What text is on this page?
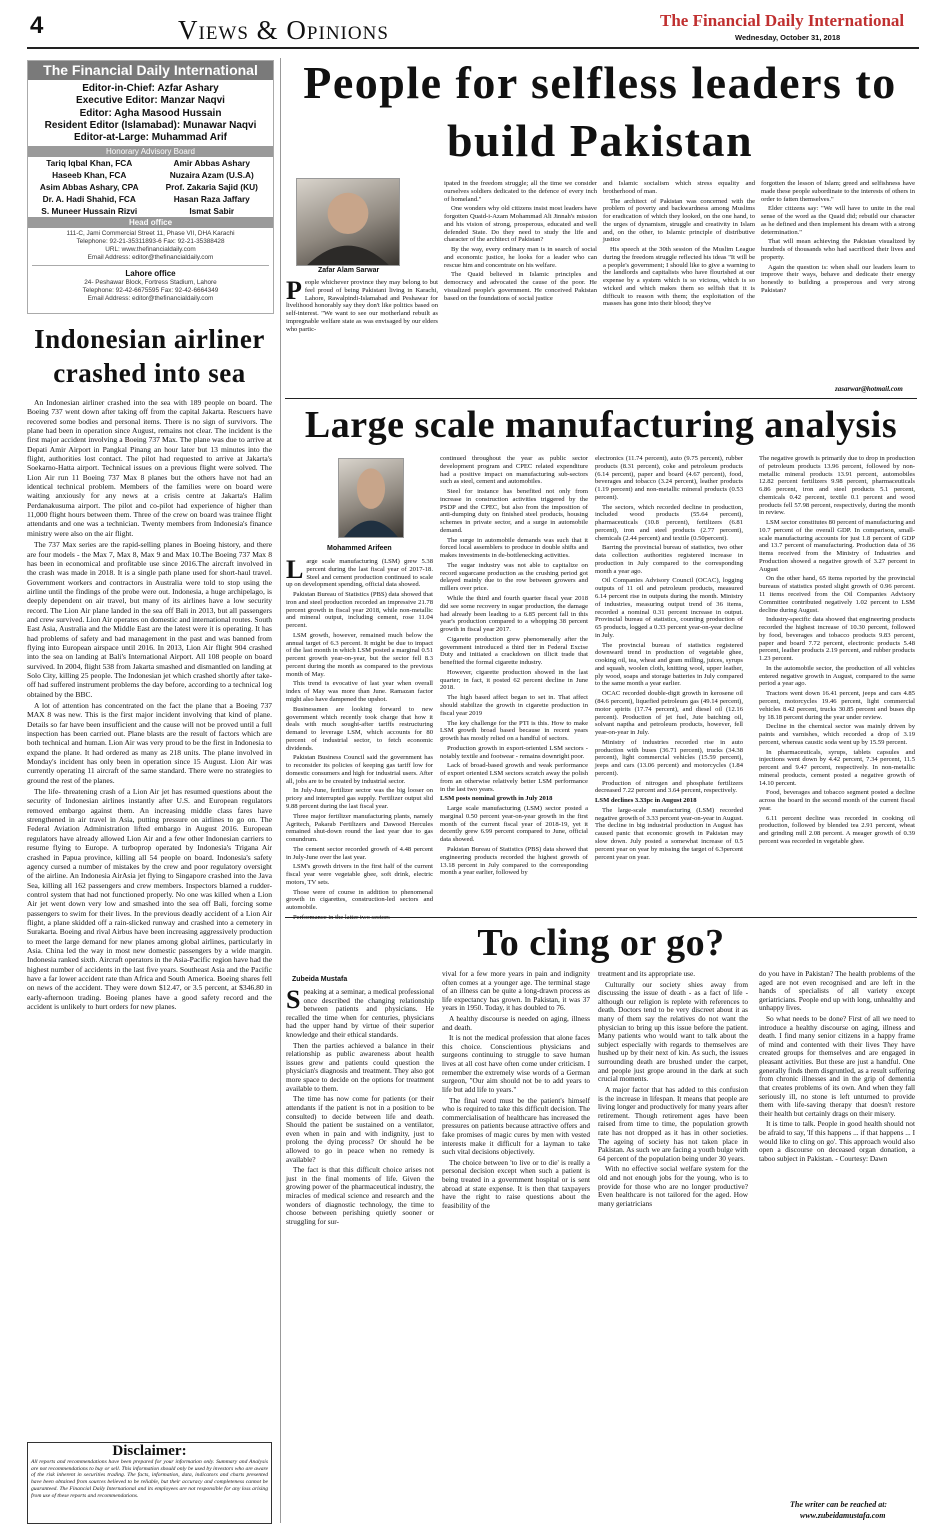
4	Views & Opinions	The Financial Daily International
Wednesday, October 31, 2018
The Financial Daily International
Editor-in-Chief: Azfar Ashary
Executive Editor: Manzar Naqvi
Editor: Agha Masood Hussain
Resident Editor (Islamabad): Munawar Naqvi
Editor-at-Large: Muhammad Arif
Honorary Advisory Board
Tariq Iqbal Khan, FCA
Haseeb Khan, FCA
Asim Abbas Ashary, CPA
Dr. A. Hadi Shahid, FCA
S. Muneer Hussain Rizvi
Amir Abbas Ashary
Nuzaira Azam (U.S.A)
Prof. Zakaria Sajid (KU)
Hasan Raza Jaffary
Ismat Sabir
Head office
111-C, Jami Commercial Street 11, Phase VII, DHA Karachi
Telephone: 92-21-35311893-6 Fax: 92-21-35388428
URL: www.thefinancialdaily.com
Email Address: editor@thefinancialdaily.com
Lahore office
24- Peshawar Block, Fortress Stadium, Lahore
Telephone: 92-42-6675595 Fax: 92-42-6664349
Email Address: editor@thefinancialdaily.com
Indonesian airliner crashed into sea

An Indonesian airliner crashed into the sea with 189 people on board. The Boeing 737 went down after taking off from the capital Jakarta. Rescuers have recovered some bodies and personal items. There is no sign of survivors. The plane had been in operation since August, remains not clear. The incident is the first major accident involving a Boeing 737 Max. The plane was due to arrive at Depati Amir Airport in Pangkal Pinang an hour later but 13 minutes into the flight, authorities lost contact. The pilot had requested to arrive at Jakarta's Soekarno-Hatta airport. Technical issues on a previous flight were solved. The Lion Air run 11 Boeing 737 Max 8 planes but the others have not had an identical technical problem. Members of the families were on board were waiting anxiously for any news at a crisis centre at Jakarta's Halim Perdanakusuma airport. The pilot and co-pilot had experience of higher than 11,000 flight hours between them. Three of the crew on board was trainee flight attendants and one was a technician. Twenty members from Indonesia's finance ministry were also on the air flight.

The 737 Max series are the rapid-selling planes in Boeing history, and there are four models - the Max 7, Max 8, Max 9 and Max 10.The Boeing 737 Max 8 has been in economical and profitable use since 2016.The aircraft involved in the crash was made in 2018. It is a single path plane used for short-haul travel. Government workers and contractors in Australia were told to stop using the airline until the findings of the probe were out. Indonesia, a huge archipelago, is deeply dependent on air travel, but many of its airlines have a low security record. The Lion Air plane landed in the sea off Bali in 2013, but all passengers and crew survived. Lion Air operates on domestic and international routes. South East Asia, Australia and the Middle East are the latest were it is operating. It has had problems of safety and bad management in the past and was banned from flying into European airspace until 2016. In 2013, Lion Air flight 904 crashed into the sea on landing at Bali's International Airport. All 108 people on board survived. In 2004, flight 538 from Jakarta smashed and dismantled on landing at Solo City, killing 25 people. The Indonesian jet which crashed shortly after take-off had suffered instrument problems the day before, according to a technical log obtained by the BBC.

A lot of attention has concentrated on the fact the plane that a Boeing 737 MAX 8 was new. This is the first major incident involving that kind of plane. Details so far have been insufficient and the cause will not be proved until a full inspection has been carried out. Plane blasts are the result of factors which are both technical and human. Lion Air was very proud to be the first in Indonesia to expand the plane. It had ordered as many as 218 units. The plane involved in Monday's incident has only been in operation since 15 August. Lion Air was currently operating 11 aircraft of the same standard. There were no strategies to ground the rest of the planes.

The life- threatening crash of a Lion Air jet has resumed questions about the security of Indonesian airlines instantly after U.S. and European regulators removed embargo against them. An increasing middle class fares have strengthened in air travel in Asia, putting pressure on airlines to go on. The Federal Aviation Administration lifted embargo in August 2016. European regulators have already allowed Lion Air and a few other Indonesian carriers to resume flying to Europe. A turboprop operated by Indonesia's Trigana Air crashed in Papua province, killing all 54 people on board. Indonesia's safety agency cursed a number of mistakes by the crew and poor regulatory oversight of the airline. An Indonesia AirAsia jet flying to Singapore crashed into the Java Sea, killing all 162 passengers and crew members. Inspectors blamed a rudder-control system that had not functioned properly. No one was killed when a Lion Air jet went down very low and smashed into the sea off Bali, forcing some passengers to swim for their lives. In the previous deadly accident of a Lion Air flight, a plane skidded off a rain-slicked runway and crashed into a cemetery in Surakarta. Boeing and rival Airbus have been increasing aggressively production to meet the large demand for new planes among global airlines, particularly in Asia. China led the way in most new domestic passengers by a wide margin. Indonesia ranked sixth. Aircraft operators in the Asia-Pacific region have had the highest number of accidents in the last five years. Southeast Asia and the Pacific have a far lower accident rate than Africa and South America. Boeing shares fell on news of the accident. They were down $12.47, or 3.5 percent, at $346.80 in early-afternoon trading. Boeing planes have a good safety record and the accident is unlikely to hurt orders for new planes.

Disclaimer:
All reports and recommendations have been prepared for your information only. Summary and Analysis are not recommendations to buy or sell. This information should only be used by investors who are aware of the risk inherent in securities trading. The facts, information, data, indicators and charts presented have been obtained from sources believed to be reliable, but their accuracy and completeness cannot be guaranteed. The Financial Daily International and its employees are not responsible for any loss arising from use of these reports and recommendations.
People for selfless leaders to build Pakistan
Zafar Alam Sarwar

People whichever province they may belong to but feel proud of being Pakistani living in Karachi, Lahore, Rawalpindi-Islamabad and Peshawar for livelihood honorably say they don't like politics based on self-interest. "We want to see our motherland rebuilt as impregnable welfare state as was envisaged by our elders who partic-

ipated in the freedom struggle; all the time we consider ourselves soldiers dedicated to the defence of every inch of homeland."

One wonders why old citizens insist most leaders have forgotten Quaid-i-Azam Mohammad Ali Jinnah's mission and his vision of strong, prosperous, educated and well defended State. Do they need to study the life and character of the architect of Pakistan?

By the way, every ordinary man is in search of social and economic justice, he looks for a leader who can rescue him and concentrate on his welfare.

The Quaid believed in Islamic principles and democracy and advocated the cause of the poor. He visualized people's government. He conceived Pakistan based on the foundations of social justice

and Islamic socialism which stress equality and brotherhood of man.

The architect of Pakistan was concerned with the problem of poverty and backwardness among Muslims for eradication of which they looked, on the one hand, to the urges of dynamism, struggle and creativity in Islam and, on the other, to Islamic principle of distributive justice

His speech at the 30th session of the Muslim League during the freedom struggle reflected his ideas "It will be a people's government; I should like to give a warning to the landlords and capitalists who have flourished at our expense by a system which is so vicious, which is so wicked and which makes them so selfish that it is difficult to reason with them; the exploitation of the masses has gone into their blood; they've

forgotten the lesson of Islam; greed and selfishness have made these people subordinate to the interests of others in order to fatten themselves."

Elder citizens say: "We will have to unite in the real sense of the word as the Quaid did; rebuild our character as he defined and then implement his dream with a strong determination."

That will mean achieving the Pakistan visualized by hundreds of thousands who had sacrificed their lives and property.

Again the question is: when shall our leaders learn to improve their ways, behave and dedicate their energy honestly to building a prosperous and very strong Pakistan?

zasarwar@hotmail.com
Large scale manufacturing analysis
Mohammed Arifeen

Large scale manufacturing (LSM) grew 5.38 percent during the last fiscal year of 2017-18. Steel and cement production continued to scale up on development spending, official data showed.

Pakistan Bureau of Statistics (PBS) data showed that iron and steel production recorded an impressive 21.78 percent growth in fiscal year 2018, while non-metallic and mineral output, including cement, rose 11.04 percent.

LSM growth, however, remained much below the annual target of 6.3 percent. It might be due to impact of the last month in which LSM posted a marginal 0.51 percent growth year-on-year, but the sector fell 8.3 percent during the month as compared to the previous month of May.

This trend is evocative of last year when overall index of May was more than June. Ramazan factor might also have dampened the upshot.

Businessmen are looking forward to new government which recently took charge that how it deals with much sought-after tariffs restructuring demand to leverage LSM, which accounts for 80 percent of industrial sector, to fetch economic dividends.

Pakistan Business Council said the government has to reconsider its policies of keeping gas tariff low for domestic consumers and high for industrial users. After all, jobs are to be created by industrial sector.

In July-June, fertilizer sector was the big looser on pricey and interrupted gas supply. Fertilizer output slid 9.88 percent during the last fiscal year.

Three major fertilizer manufacturing plants, namely Agritech, Pakarab Fertilizers and Dawood Hercules remained shut-down round the last year due to gas conundrum.

The cement sector recorded growth of 4.48 percent in July-June over the last year.

LSM's growth drivers in the first half of the current fiscal year were vegetable ghee, soft drink, electric motors, TV sets.

Those were of course in addition to phenomenal growth in cigarettes, construction-led sectors and automobile.

continued throughout the year as public sector development program and CPEC related expenditure had a positive impact on manufacturing sub-sectors such as steel, cement and automobiles.

Steel for instance has benefited not only from increase in construction activities triggered by the PSDP and the CPEC, but also from the imposition of anti-dumping duty on finished steel products, housing schemes in private sector, and a surge in automobile demand.

The surge in automobile demands was such that it forced local assemblers to produce in double shifts and makes investments in de-bottlenecking activities.

The sugar industry was not able to capitalize on record sugarcane production as the crushing period got delayed mainly due to the row between growers and millers over price.

While the third and fourth quarter fiscal year 2018 did see some recovery in sugar production, the damage had already been leading to a 6.85 percent fall in this year's production compared to a whopping 38 percent growth in fiscal year 2017.

Cigarette production grew phenomenally after the government introduced a third tier in Federal Excise Duty and initiated a crackdown on illicit trade that benefited the formal cigarette industry.

However, cigarette production showed in the last quarter; in fact, it posted 62 percent decline in June 2018.

The high based affect began to set in. That affect should stabilize the growth in cigarette production in fiscal year 2019

The key challenge for the PTI is this. How to make LSM growth broad based because in recent years growth has mostly relied on a handful of sectors.

Production growth in export-oriented LSM sectors - notably textile and footwear - remains downright poor.

Lack of broad-based growth and weak performance of export oriented LSM sectors scratch away the polish from an otherwise relatively better LSM performance in the last two years.

LSM posts nominal growth in July 2018

Large scale manufacturing (LSM) sector posted a marginal 0.50 percent year-on-year growth in the first month of the current fiscal year of 2018-19, yet it decently grew 6.99 percent compared to June, official data showed.

Pakistan Bureau of Statistics (PBS) data showed that engineering products recorded the highest growth of 13.18 percent in July compared to the corresponding month a year earlier, followed by

electronics (11.74 percent), auto (9.75 percent), rubber products (8.31 percent), coke and petroleum products (6.14 percent), paper and board (4.67 percent), food, beverages and tobacco (3.24 percent), leather products (1.19 percent) and non-metallic mineral products (0.53 percent).

The sectors, which recorded decline in production, included wood products (55.64 percent), pharmaceuticals (10.8 percent), fertilizers (6.81 percent), iron and steel products (2.77 percent), chemicals (2.44 percent) and textile (0.50percent).

Barring the provincial bureau of statistics, two other data collection authorities registered increase in production in July compared to the corresponding month a year ago.

Oil Companies Advisory Council (OCAC), logging outputs of 11 oil and petroleum products, measured 6.14 percent rise in outputs during the month. Ministry of industries, measuring output trend of 36 items, recorded a nominal 0.31 percent increase in output. Provincial bureau of statistics, counting production of 65 products, logged a 0.33 percent year-on-year decline in July.

The provincial bureau of statistics registered downward trend in production of vegetable ghee, cooking oil, tea, wheat and gram milling, juices, syrups and squash, woolen cloth, knitting wool, upper leather, ply wood, soaps and storage batteries in July compared to the same month a year earlier.

OCAC recorded double-digit growth in kerosene oil (84.6 percent), liquefied petroleum gas (49.14 percent), motor spirits (17.74 percent), and diesel oil (12.16 percent). Production of jet fuel, Jute batching oil, solvant naptha and petroleum products, however, fell year-on-year in July.

Ministry of industries recorded rise in auto production with buses (36.71 percent), trucks (34.38 percent), light commercial vehicles (15.59 percent), jeeps and cars (13.06 percent) and motorcycles (1.84 percent).

Production of nitrogen and phosphate fertilizers decreased 7.22 percent and 3.64 percent, respectively.

LSM declines 3.33pc in August 2018

The large-scale manufacturing (LSM) recorded negative growth of 3.33 percent year-on-year in August. The decline in big industrial production in August has caused panic that economic growth in Pakistan may slow down. July posted a somewhat increase of 0.5 percent year on year by missing the target of 6.3percent percent year on year.

The negative growth is primarily due to drop in production of petroleum products 13.96 percent, followed by non-metallic mineral products 13.91 percent, automobiles 12.82 percent fertilizers 9.98 percent, pharmaceuticals 6.86 percent, iron and steel products 5.1 percent, chemicals 0.42 percent, textile 0.1 percent and wood products fell 57.98 percent, respectively, during the month in review.

LSM sector constitutes 80 percent of manufacturing and 10.7 percent of the overall GDP. In comparison, small-scale manufacturing accounts for just 1.8 percent of GDP and 13.7 percent of manufacturing. Production data of 36 items received from the Ministry of Industries and Production showed a negative growth of 3.27 percent in August

On the other hand, 65 items reported by the provincial bureaus of statistics posted slight growth of 0.96 percent. 11 items received from the Oil Companies Advisory Committee contributed negatively 1.02 percent to LSM decline during August.

Industry-specific data showed that engineering products recorded the highest increase of 10.30 percent, followed by food, beverages and tobacco products 9.83 percent, paper and board 7.72 percent, electronic products 5.48 percent, leather products 2.19 percent, and rubber products 1.23 percent.

In the automobile sector, the production of all vehicles entered negative growth in August, compared to the same period a year ago.

Tractors went down 16.41 percent, jeeps and cars 4.85 percent, motorcycles 19.46 percent, light commercial vehicles 8.42 percent, trucks 30.85 percent and buses dip by 18.18 percent during the year under review.

Decline in the chemical sector was mainly driven by paints and varnishes, which recorded a drop of 3.19 percent, whereas caustic soda went up by 15.59 percent.

In pharmaceuticals, syrups, tablets capsules and injections went down by 4.42 percent, 7.34 percent, 11.5 percent and 9.47 percent, respectively. In non-metallic mineral products, cement posted a negative growth of 14.10 percent.

Food, beverages and tobacco segment posted a decline across the board in the second month of the current fiscal year.

6.11 percent decline was recorded in cooking oil production, followed by blended tea 2.91 percent, wheat and grinding mill 2.08 percent. A meager growth of 0.39 percent was recorded in vegetable ghee.

To cling or go?
Zubeida Mustafa

Speaking at a seminar, a medical professional once described the changing relationship between patients and physicians. He recalled the time when for centuries, physicians had the upper hand by virtue of their superior knowledge and their ethical standards.

Then the parties achieved a balance in their relationship as public awareness about health issues grew and patients could question the physician's diagnosis and treatment. They also got more space to decide on the options for treatment available to them.

The time has now come for patients (or their attendants if the patient is not in a position to be consulted) to decide between life and death. Should the patient be sustained on a ventilator, even when in pain and with indignity, just to prolong the dying process? Or should he be allowed to go in peace when no remedy is available?

The fact is that this difficult choice arises not just in the final moments of life. Given the growing power of the pharmaceutical industry, the miracles of medical science and research and the wonders of diagnostic technology, the time to choose between perishing quietly sooner or struggling for sur-

vival for a few more years in pain and indignity often comes at a younger age. The terminal stage of an illness can be quite a long-drawn process as life expectancy has grown. In Pakistan, it was 37 years in 1950. Today, it has doubled to 76.

A healthy discourse is needed on aging, illness and death.

It is not the medical profession that alone faces this choice. Conscientious physicians and surgeons continuing to struggle to save human lives at all cost have often come under criticism. I remember the extremely wise words of a German surgeon, "Our aim should not be to add years to life but add life to years."

The final word must be the patient's himself who is required to take this difficult decision. The commercialisation of healthcare has increased the pressures on patients because attractive offers and fake promises of magic cures by men with vested interests make it difficult for a layman to take such vital decisions objectively.

The choice between 'to live or to die' is really a personal decision except when such a patient is being treated in a government hospital or is sent abroad at state expense. It is then that taxpayers have the right to raise questions about the feasibility of the

treatment and its appropriate use.

Culturally our society shies away from discussing the issue of death - as a fact of life - although our religion is replete with references to death. Doctors tend to be very discreet about it as many of them say the relatives do not want the physician to bring up this issue before the patient. Many patients who would want to talk about the subject especially with regards to themselves are hushed up by their next of kin. As such, the issues surrounding death are brushed under the carpet, and people just grope around in the dark at such crucial moments.

A major factor that has added to this confusion is the increase in lifespan. It means that people are living longer and productively for many years after retirement. Though retirement ages have been raised from time to time, the population growth rate has not dropped as it has in other societies. The ageing of society has not taken place in Pakistan. As such we are facing a youth bulge with 64 percent of the population being under 30 years.

With no effective social welfare system for the old and not enough jobs for the young, who is to provide for those who are no longer productive? Even healthcare is not tailored for the aged. How many geriatricians

do you have in Pakistan? The health problems of the aged are not even recognised and are left in the hands of specialists of all variety except geriatricians. People end up with long, unhealthy and unhappy lives.

So what needs to be done? First of all we need to introduce a healthy discourse on aging, illness and death. I find many senior citizens in a happy frame of mind and contented with their lives They have created groups for themselves and are engaged in pleasant activities. But these are just a handful. One generally finds them disgruntled, as a result suffering from chronic illnesses and in the grip of dementia that creates problems of its own. And when they fall seriously ill, no stone is left unturned to provide them with life-saving therapy that doesn't restore their health but certainly drags on their misery.

It is time to talk. People in good health should not be afraid to say, 'If this happens ... if that happens ... I would like to cling on go'. This approach would also open a discourse on deceased organ donation, a taboo subject in Pakistan. - Courtesy: Dawn

The writer can be reached at:
www.zubeidamustafa.com
